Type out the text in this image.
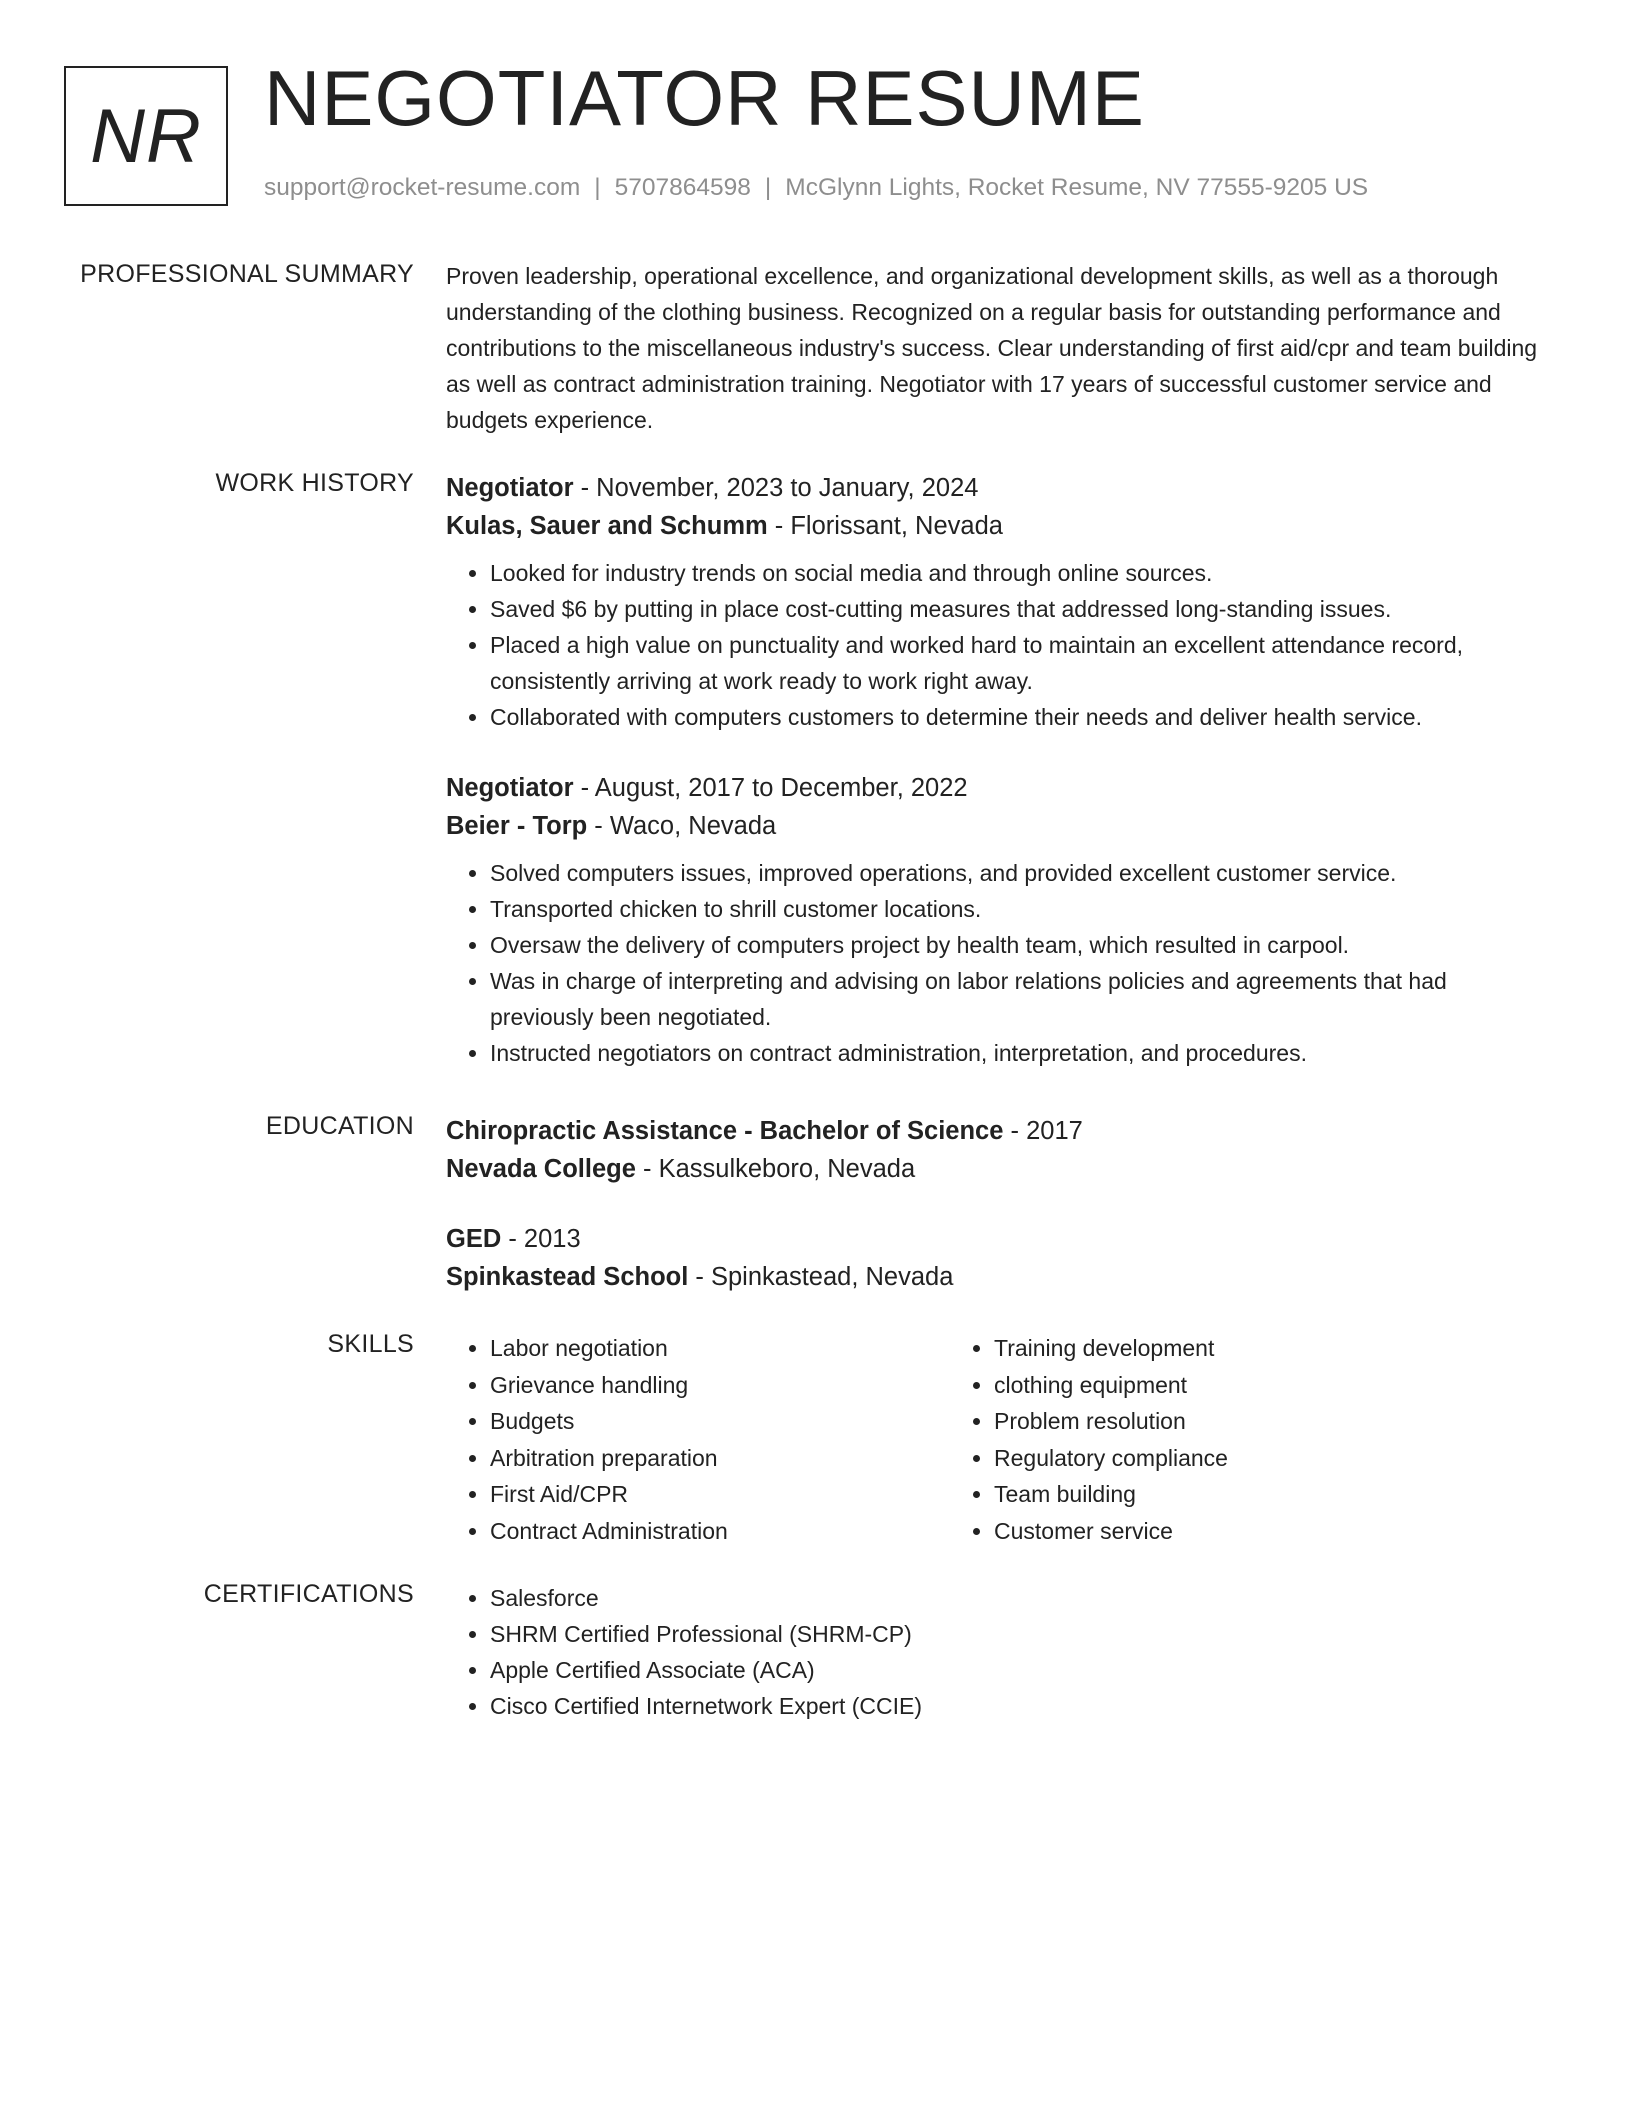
NR NEGOTIATOR RESUME
support@rocket-resume.com | 5707864598 | McGlynn Lights, Rocket Resume, NV 77555-9205 US
PROFESSIONAL SUMMARY Proven leadership, operational excellence, and organizational development skills, as well as a thorough understanding of the clothing business. Recognized on a regular basis for outstanding performance and contributions to the miscellaneous industry's success. Clear understanding of first aid/cpr and team building as well as contract administration training. Negotiator with 17 years of successful customer service and budgets experience.

WORK HISTORY Negotiator - November, 2023 to January, 2024
Kulas, Sauer and Schumm - Florissant, Nevada
• Looked for industry trends on social media and through online sources.
• Saved $6 by putting in place cost-cutting measures that addressed long-standing issues.
• Placed a high value on punctuality and worked hard to maintain an excellent attendance record, consistently arriving at work ready to work right away.
• Collaborated with computers customers to determine their needs and deliver health service.
Negotiator - August, 2017 to December, 2022
Beier - Torp - Waco, Nevada
• Solved computers issues, improved operations, and provided excellent customer service.
• Transported chicken to shrill customer locations.
• Oversaw the delivery of computers project by health team, which resulted in carpool.
• Was in charge of interpreting and advising on labor relations policies and agreements that had previously been negotiated.
• Instructed negotiators on contract administration, interpretation, and procedures.
EDUCATION Chiropractic Assistance - Bachelor of Science - 2017
Nevada College - Kassulkeboro, Nevada
GED - 2013
Spinkastead School - Spinkastead, Nevada
SKILLS	• Labor negotiation
• Grievance handling
• Budgets
• Arbitration preparation
• First Aid/CPR
• Contract Administration
• Training development
• clothing equipment
• Problem resolution
• Regulatory compliance
• Team building
• Customer service
CERTIFICATIONS	• Salesforce
• SHRM Certified Professional (SHRM-CP)
• Apple Certified Associate (ACA)
• Cisco Certified Internetwork Expert (CCIE)
